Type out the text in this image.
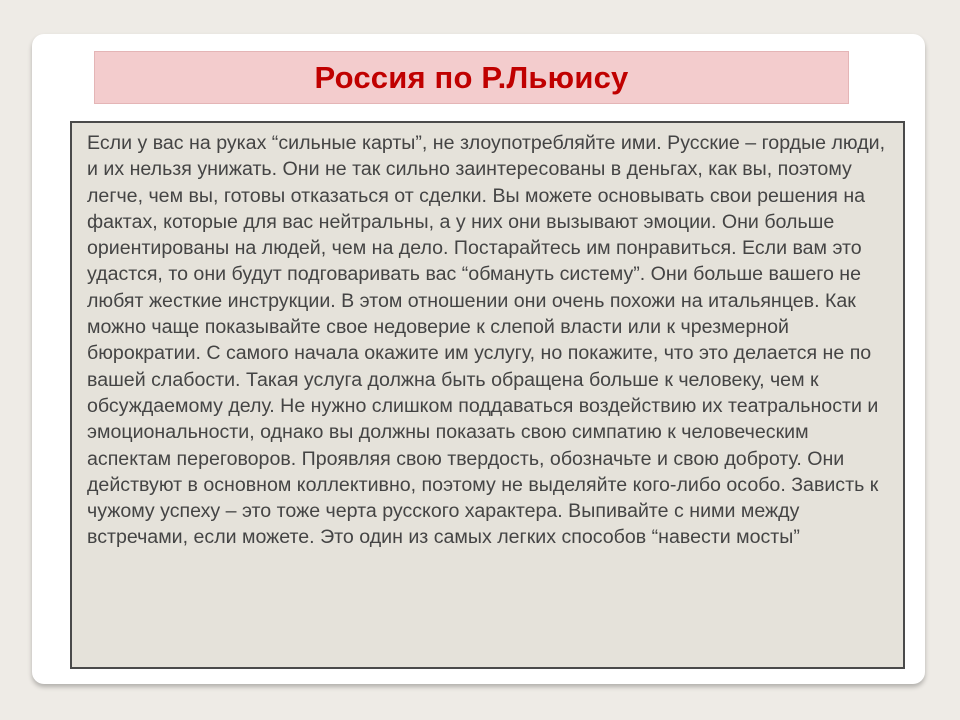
Россия по Р.Льюису

Если у вас на руках “сильные карты”, не злоупотребляйте ими. Русские – гордые люди, и их нельзя унижать. Они не так сильно заинтересованы в деньгах, как вы, поэтому легче, чем вы, готовы отказаться от сделки. Вы можете основывать свои решения на фактах, которые для вас нейтральны, а у них они вызывают эмоции. Они больше ориентированы на людей, чем на дело. Постарайтесь им понравиться. Если вам это удастся, то они будут подговаривать вас “обмануть систему”. Они больше вашего не любят жесткие инструкции. В этом отношении они очень похожи на итальянцев. Как можно чаще показывайте свое недоверие к слепой власти или к чрезмерной бюрократии. С самого начала окажите им услугу, но покажите, что это делается не по вашей слабости. Такая услуга должна быть обращена больше к человеку, чем к обсуждаемому делу. Не нужно слишком поддаваться воздействию их театральности и эмоциональности, однако вы должны показать свою симпатию к человеческим аспектам переговоров. Проявляя свою твердость, обозначьте и свою доброту. Они действуют в основном коллективно, поэтому не выделяйте кого-либо особо. Зависть к чужому успеху – это тоже черта русского характера. Выпивайте с ними между встречами, если можете. Это один из самых легких способов “навести мосты”
